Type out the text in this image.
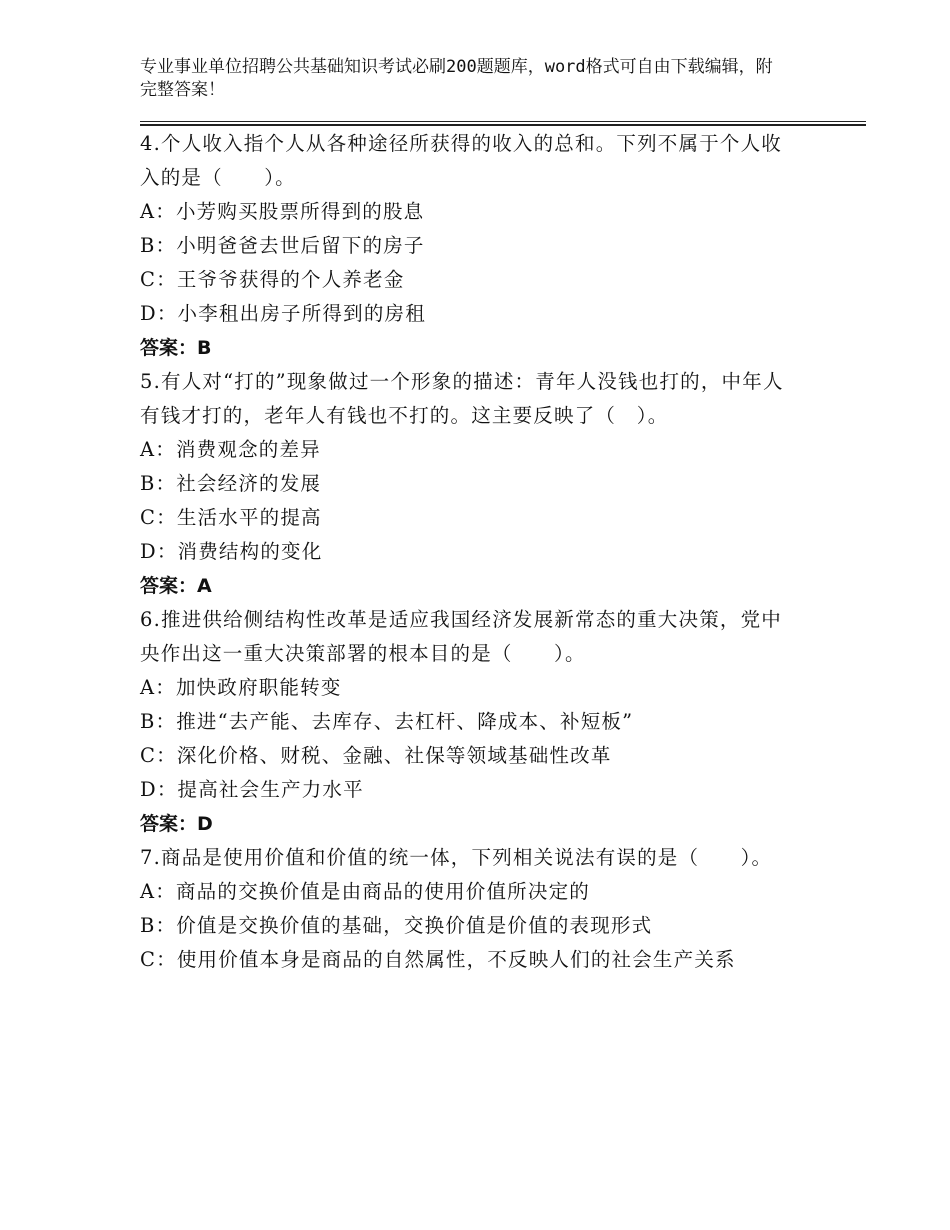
专业事业单位招聘公共基础知识考试必刷200题题库，word格式可自由下载编辑，附完整答案！
4.个人收入指个人从各种途径所获得的收入的总和。下列不属于个人收入的是（　　）。
A：小芳购买股票所得到的股息
B：小明爸爸去世后留下的房子
C：王爷爷获得的个人养老金
D：小李租出房子所得到的房租
答案：B
5.有人对“打的”现象做过一个形象的描述：青年人没钱也打的，中年人有钱才打的，老年人有钱也不打的。这主要反映了（　）。
A：消费观念的差异
B：社会经济的发展
C：生活水平的提高
D：消费结构的变化
答案：A
6.推进供给侧结构性改革是适应我国经济发展新常态的重大决策，党中央作出这一重大决策部署的根本目的是（　　）。
A：加快政府职能转变
B：推进“去产能、去库存、去杠杆、降成本、补短板”
C：深化价格、财税、金融、社保等领域基础性改革
D：提高社会生产力水平
答案：D
7.商品是使用价值和价值的统一体，下列相关说法有误的是（　　）。
A：商品的交换价值是由商品的使用价值所决定的
B：价值是交换价值的基础，交换价值是价值的表现形式
C：使用价值本身是商品的自然属性，不反映人们的社会生产关系
